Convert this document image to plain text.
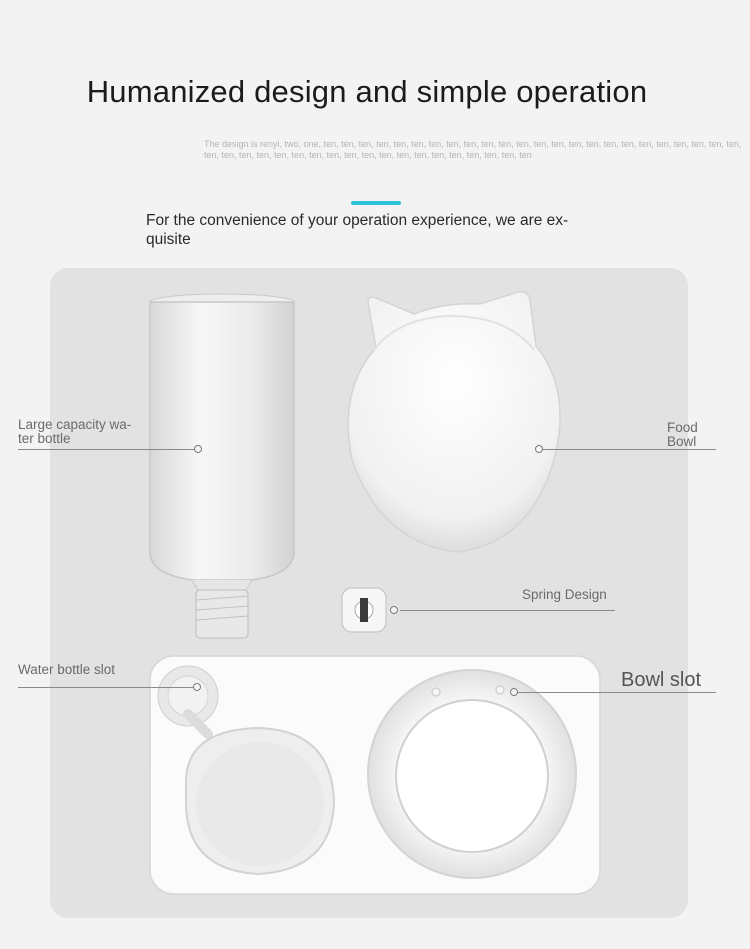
Humanized design and simple operation
The design is renyi, two, one, ten, ten, ten, ten, ten, ten, ten, ten, ten, ten, ten, ten, ten, ten, ten, ten, ten, ten, ten, ten, ten, ten, ten, ten, ten, ten, ten, ten, ten, ten, ten, ten, ten, ten, ten, ten, ten, ten, ten, ten, ten, ten, ten
For the convenience of your operation experience, we are ex- quisite
Large capacity wa- ter bottle
Food Bowl
Spring Design
Water bottle slot	Bowl slot
